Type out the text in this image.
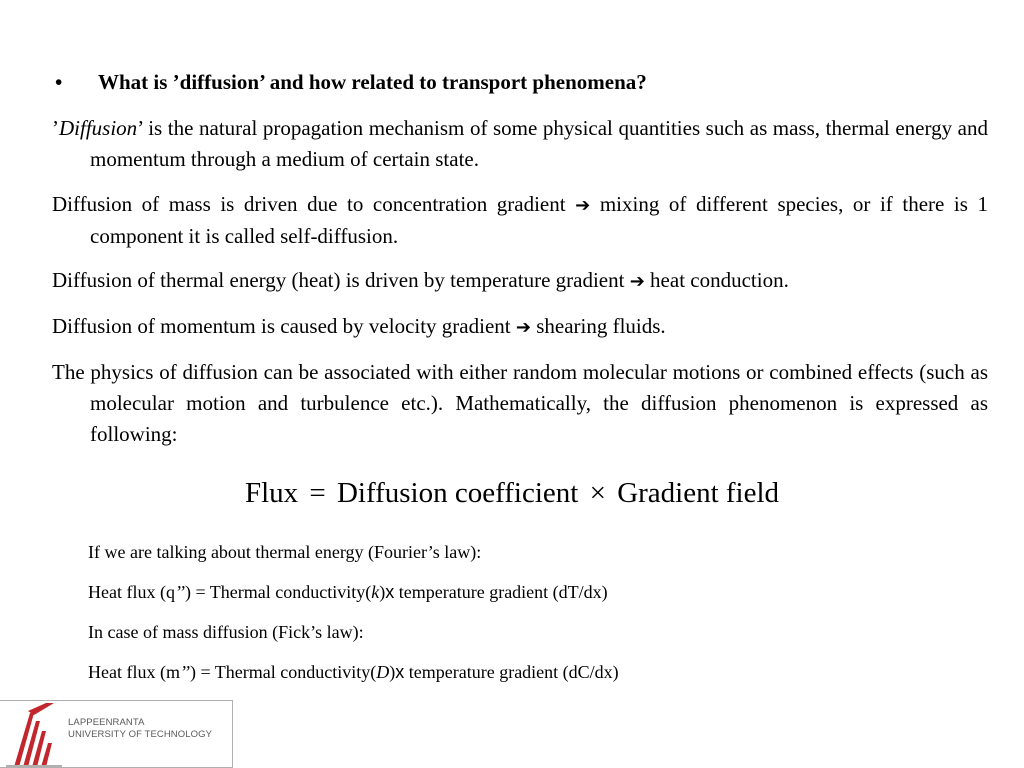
• What is ’diffusion’ and how related to transport phenomena?
’Diffusion’ is the natural propagation mechanism of some physical quantities such as mass, thermal energy and momentum through a medium of certain state.
Diffusion of mass is driven due to concentration gradient ➔ mixing of different species, or if there is 1 component it is called self-diffusion.
Diffusion of thermal energy (heat) is driven by temperature gradient ➔ heat conduction.
Diffusion of momentum is caused by velocity gradient ➔ shearing fluids.
The physics of diffusion can be associated with either random molecular motions or combined effects (such as molecular motion and turbulence etc.). Mathematically, the diffusion phenomenon is expressed as following:
Flux = Diffusion coefficient × Gradient field
If we are talking about thermal energy (Fourier’s law):
Heat flux (q’’) = Thermal conductivity(k)x temperature gradient (dT/dx)
In case of mass diffusion (Fick’s law):
Heat flux (m’’) = Thermal conductivity(D)x temperature gradient (dC/dx)
LAPPEENRANTA
UNIVERSITY OF TECHNOLOGY
